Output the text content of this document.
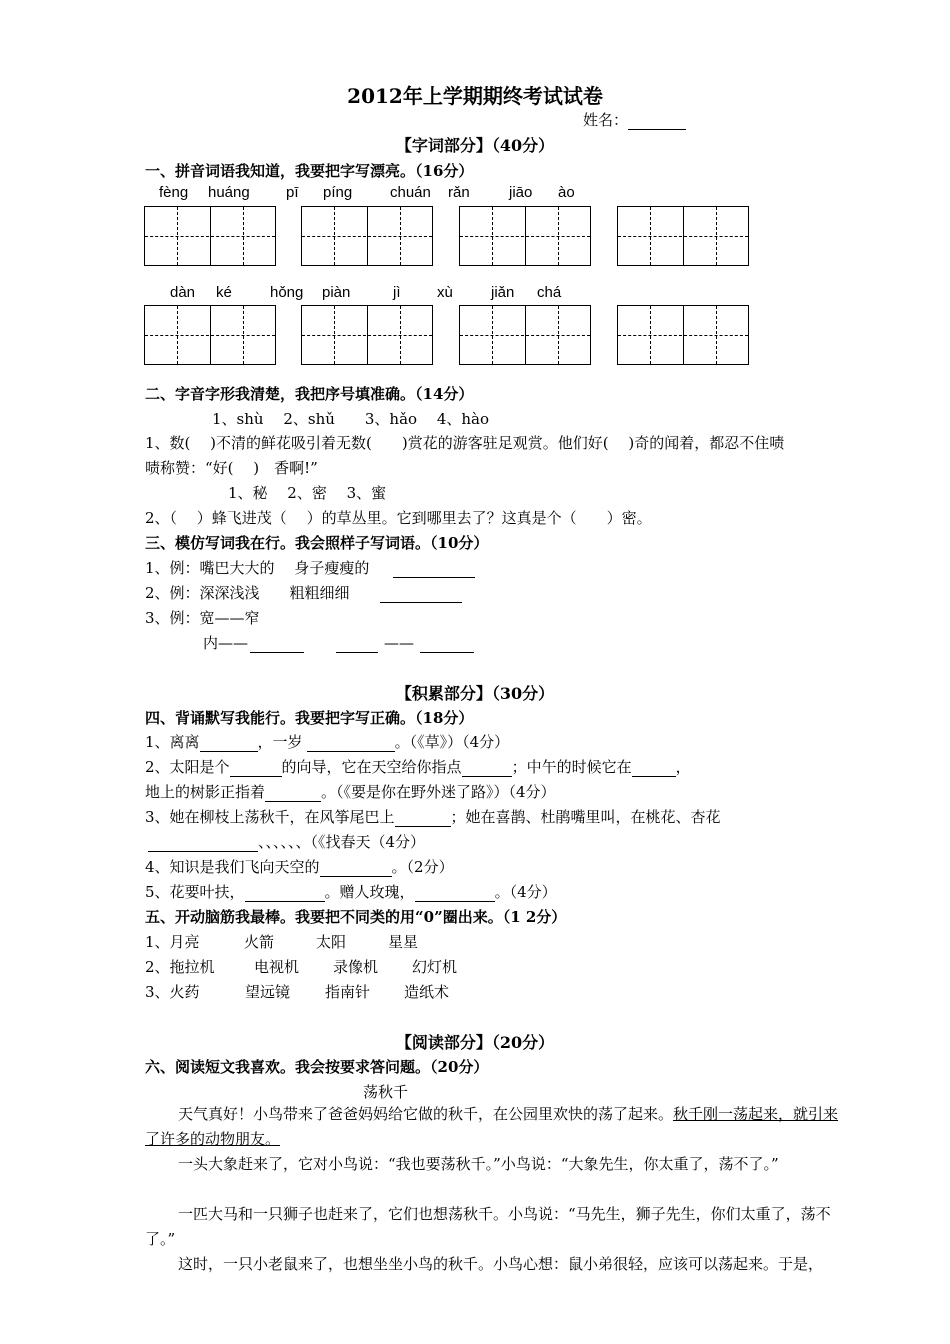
2012年上学期期终考试试卷
姓名：
【字词部分】（40分）
一、拼音词语我知道，我要把字写漂亮。（16分）
fèng huáng pī píng	chuán rǎn	jiāo ào
dàn ké	hǒng piàn	jì xù	jiǎn chá
二、字音字形我清楚，我把序号填准确。（14分）
1、shù　 2、shǔ　　3、hǎo　 4、hào
1、数(　 )不清的鲜花吸引着无数(　　)赏花的游客驻足观赏。他们好(　 )奇的闻着，都忍不住啧
啧称赞：“好(　 )　香啊!”
1、秘　 2、密　 3、蜜
2、（　 ）蜂飞进茂（　 ）的草丛里。它到哪里去了？这真是个（　　）密。
三、模仿写词我在行。我会照样子写词语。（10分）
1、例：嘴巴大大的　 身子瘦瘦的
2、例：深深浅浅　　粗粗细细
3、例：宽——窄
内——	——
【积累部分】（30分）
四、背诵默写我能行。我要把字写正确。（18分）
1、离离	，一岁	。（《草》）（4分）
2、太阳是个	的向导，它在天空给你指点	；中午的时候它在	，
地上的树影正指着	。（《要是你在野外迷了路》）（4分）
3、她在柳枝上荡秋千，在风筝尾巴上	；她在喜鹊、杜鹃嘴里叫，在桃花、杏花
、、、、、、（《找春天（4分）
4、知识是我们飞向天空的	。（2分）
5、花要叶扶，	。赠人玫瑰，	。（4分）
五、开动脑筋我最棒。我要把不同类的用“0”圈出来。（1 2分）
1、月亮	火箭	太阳	星星
2、拖拉机	电视机 录像机 幻灯机
3、火药	望远镜 指南针 造纸术
【阅读部分】（20分）
六、阅读短文我喜欢。我会按要求答问题。（20分）
荡秋千
天气真好！小鸟带来了爸爸妈妈给它做的秋千，在公园里欢快的荡了起来。秋千刚一荡起来，就引来了许多的动物朋友。
一头大象赶来了，它对小鸟说：“我也要荡秋千。”小鸟说：“大象先生，你太重了，荡不了。”
一匹大马和一只狮子也赶来了，它们也想荡秋千。小鸟说：“马先生，狮子先生，你们太重了，荡不了。”
这时，一只小老鼠来了，也想坐坐小鸟的秋千。小鸟心想：鼠小弟很轻，应该可以荡起来。于是，
